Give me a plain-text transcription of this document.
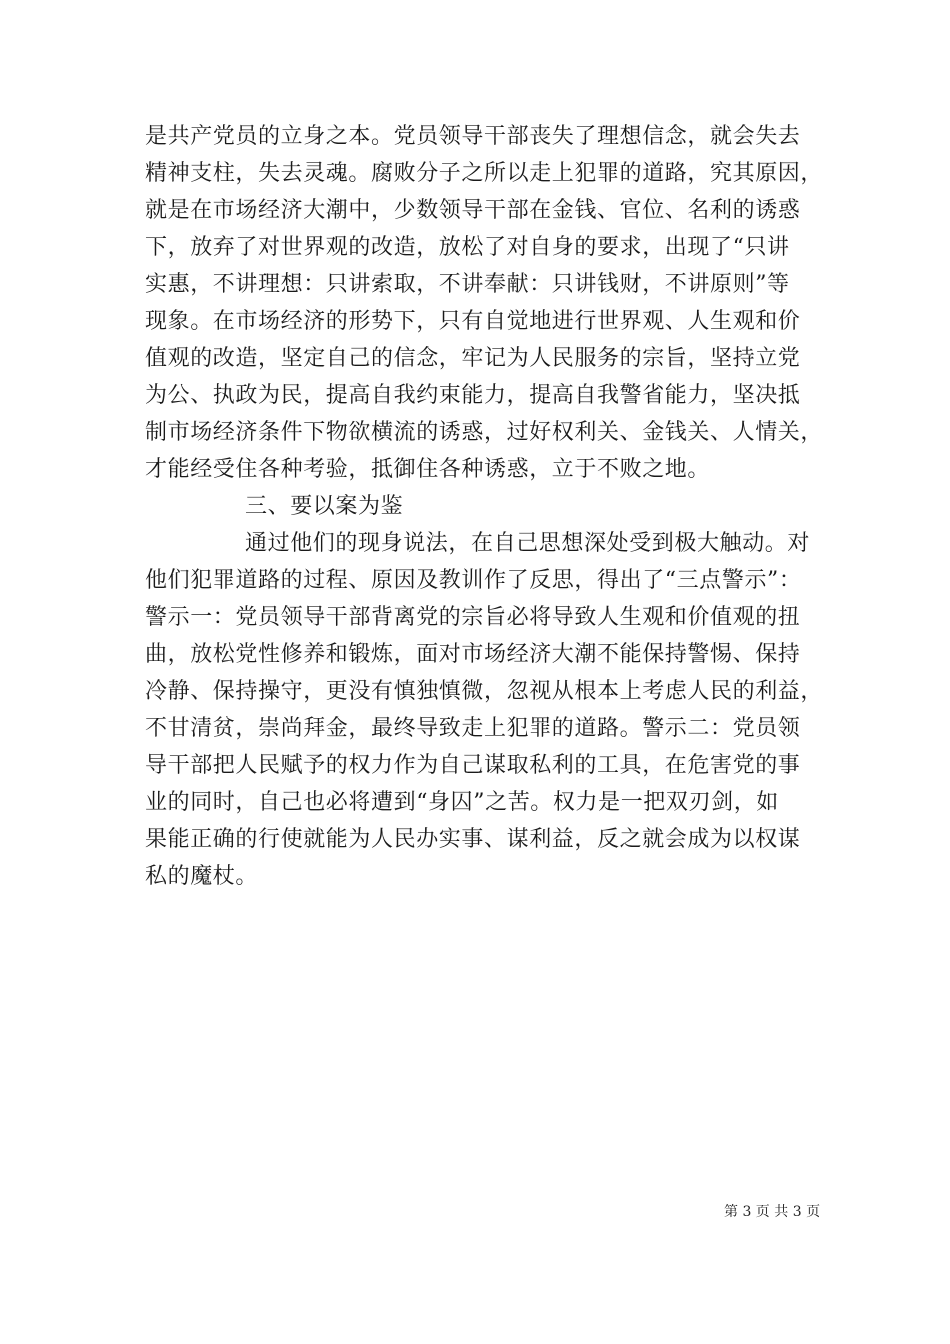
是共产党员的立身之本。党员领导干部丧失了理想信念，就会失去
精神支柱，失去灵魂。腐败分子之所以走上犯罪的道路，究其原因，
就是在市场经济大潮中，少数领导干部在金钱、官位、名利的诱惑
下，放弃了对世界观的改造，放松了对自身的要求，出现了“只讲
实惠，不讲理想：只讲索取，不讲奉献：只讲钱财，不讲原则”等
现象。在市场经济的形势下，只有自觉地进行世界观、人生观和价
值观的改造，坚定自己的信念，牢记为人民服务的宗旨，坚持立党
为公、执政为民，提高自我约束能力，提高自我警省能力，坚决抵
制市场经济条件下物欲横流的诱惑，过好权利关、金钱关、人情关，
才能经受住各种考验，抵御住各种诱惑，立于不败之地。
三、要以案为鉴
通过他们的现身说法，在自己思想深处受到极大触动。对
他们犯罪道路的过程、原因及教训作了反思，得出了“三点警示”：
警示一：党员领导干部背离党的宗旨必将导致人生观和价值观的扭
曲，放松党性修养和锻炼，面对市场经济大潮不能保持警惕、保持
冷静、保持操守，更没有慎独慎微，忽视从根本上考虑人民的利益，
不甘清贫，崇尚拜金，最终导致走上犯罪的道路。警示二：党员领
导干部把人民赋予的权力作为自己谋取私利的工具，在危害党的事
业的同时，自己也必将遭到“身囚”之苦。权力是一把双刃剑，如
果能正确的行使就能为人民办实事、谋利益，反之就会成为以权谋
私的魔杖。
第 3 页 共 3 页
